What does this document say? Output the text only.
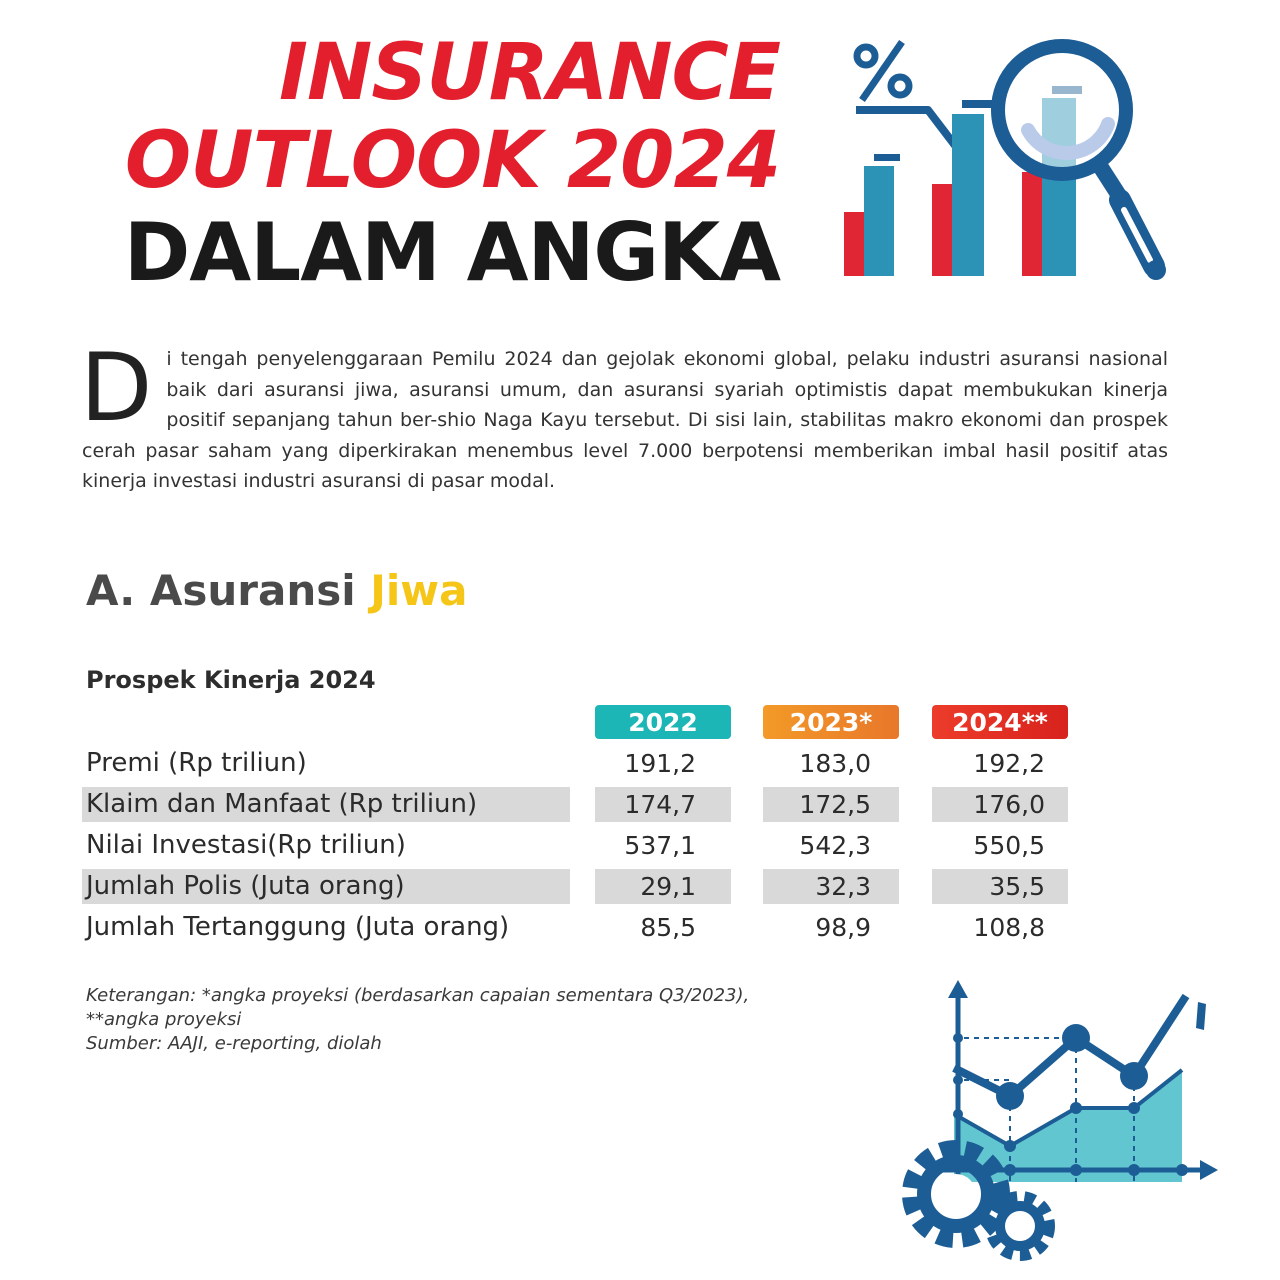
INSURANCE
OUTLOOK 2024
DALAM ANGKA

Di tengah penyelenggaraan Pemilu 2024 dan gejolak ekonomi global, pelaku industri asuransi nasional baik dari asuransi jiwa, asuransi umum, dan asuransi syariah optimistis dapat membukukan kinerja positif sepanjang tahun ber-shio Naga Kayu tersebut. Di sisi lain, stabilitas makro ekonomi dan prospek cerah pasar saham yang diperkirakan menembus level 7.000 berpotensi memberikan imbal hasil positif atas kinerja investasi industri asuransi di pasar modal.

A. Asuransi Jiwa
Prospek Kinerja 2024
2022	2023*	2024**

Premi (Rp triliun)	191,2	183,0	192,2

Klaim dan Manfaat (Rp triliun)	174,7	172,5	176,0

Nilai Investasi(Rp triliun)	537,1	542,3	550,5

Jumlah Polis (Juta orang)	29,1	32,3	35,5

Jumlah Tertanggung (Juta orang)	85,5	98,9	108,8

Keterangan: *angka proyeksi (berdasarkan capaian sementara Q3/2023),
**angka proyeksi
Sumber: AAJI, e-reporting, diolah
